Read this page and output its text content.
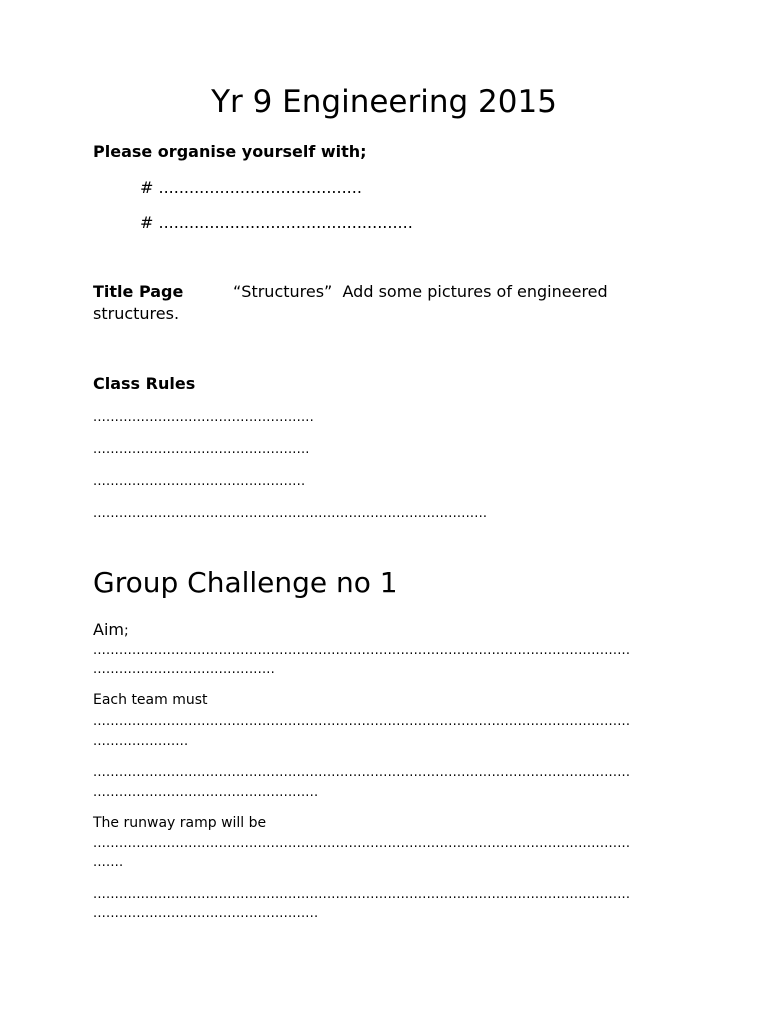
Yr 9 Engineering 2015
Please organise yourself with;
# ........................................
# ..................................................
Title Page	“Structures”  Add some pictures of engineered
structures.
Class Rules
...................................................
..................................................
.................................................
...........................................................................................
Group Challenge no 1
Aim;
............................................................................................................................
..........................................
Each team must
............................................................................................................................
......................
............................................................................................................................
....................................................
The runway ramp will be
............................................................................................................................
.......
............................................................................................................................
....................................................
